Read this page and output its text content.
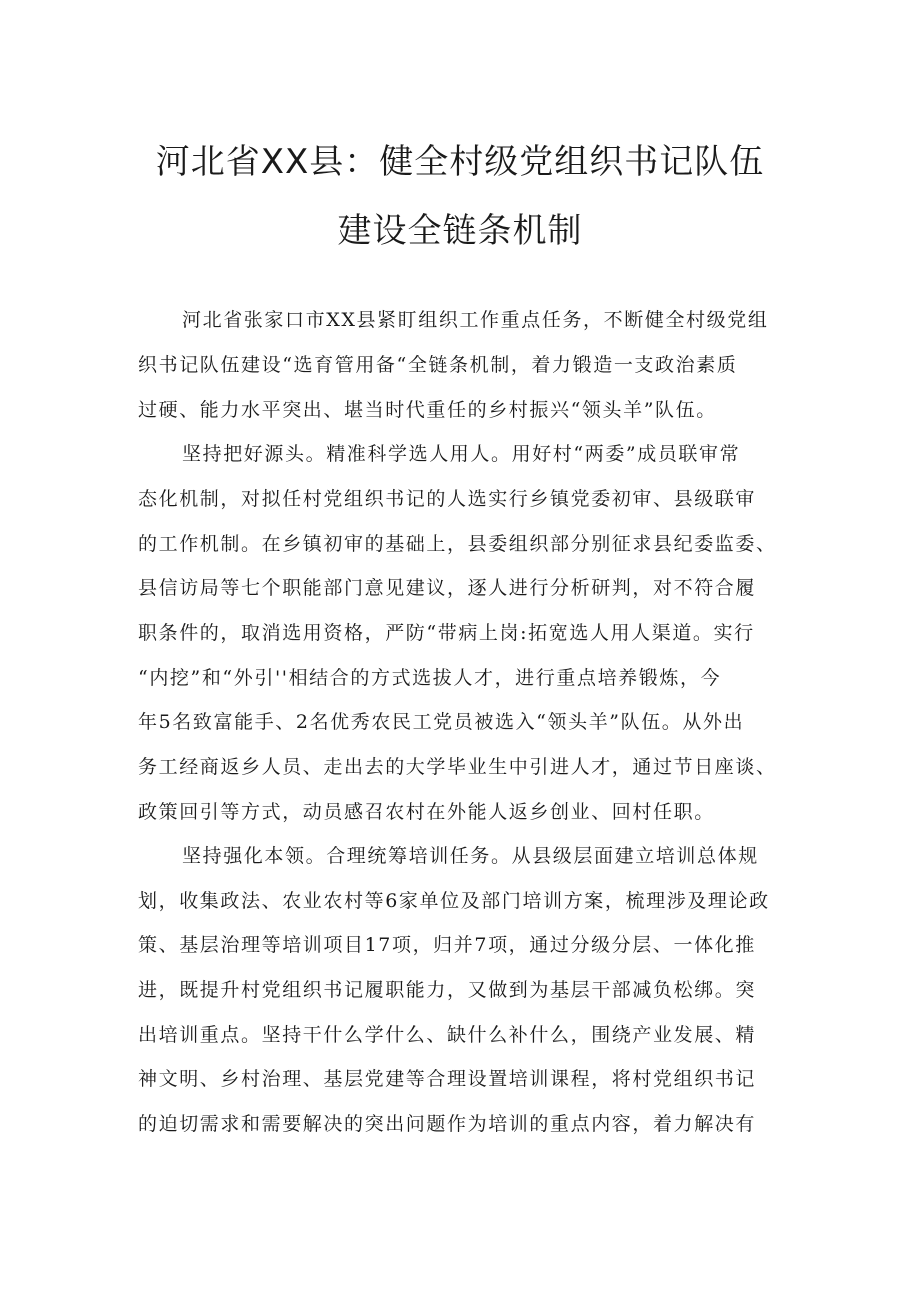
河北省XX县：健全村级党组织书记队伍
建设全链条机制
河北省张家口市XX县紧盯组织工作重点任务，不断健全村级党组
织书记队伍建设“选育管用备“全链条机制，着力锻造一支政治素质
过硬、能力水平突出、堪当时代重任的乡村振兴“领头羊”队伍。
坚持把好源头。精准科学选人用人。用好村“两委”成员联审常
态化机制，对拟任村党组织书记的人选实行乡镇党委初审、县级联审
的工作机制。在乡镇初审的基础上，县委组织部分别征求县纪委监委、
县信访局等七个职能部门意见建议，逐人进行分析研判，对不符合履
职条件的，取消选用资格，严防“带病上岗:拓宽选人用人渠道。实行
“内挖”和“外引''相结合的方式选拔人才，进行重点培养锻炼，今
年5名致富能手、2名优秀农民工党员被选入“领头羊”队伍。从外出
务工经商返乡人员、走出去的大学毕业生中引进人才，通过节日座谈、
政策回引等方式，动员感召农村在外能人返乡创业、回村任职。
坚持强化本领。合理统筹培训任务。从县级层面建立培训总体规
划，收集政法、农业农村等6家单位及部门培训方案，梳理涉及理论政
策、基层治理等培训项目17项，归并7项，通过分级分层、一体化推
进，既提升村党组织书记履职能力，又做到为基层干部减负松绑。突
出培训重点。坚持干什么学什么、缺什么补什么，围绕产业发展、精
神文明、乡村治理、基层党建等合理设置培训课程，将村党组织书记
的迫切需求和需要解决的突出问题作为培训的重点内容，着力解决有
